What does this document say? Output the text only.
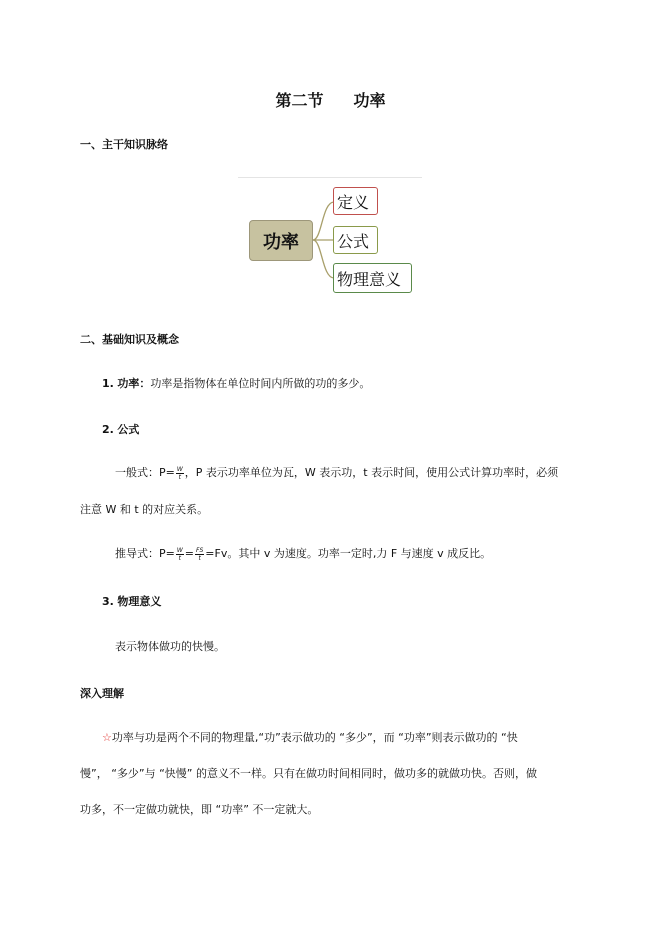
第二节 功率
一、主干知识脉络
功率
定义
公式
物理意义
二、基础知识及概念
1. 功率：功率是指物体在单位时间内所做的功的多少。
2. 公式
一般式：$P= \frac{W}{t}$ ，P 表示功率单位为瓦，W 表示功，t 表示时间，使用公式计算功率时，必须
注意 W 和 t 的对应关系。
推导式：$P= \frac{W}{t} = \frac{FS}{t} =Fv$。其中 v 为速度。功率一定时,力 F 与速度 v 成反比。
3. 物理意义
表示物体做功的快慢。
深入理解
☆功率与功是两个不同的物理量,“功”表示做功的 “多少”，而 “功率”则表示做功的 “快
慢”， “多少”与 “快慢” 的意义不一样。只有在做功时间相同时，做功多的就做功快。否则，做
功多，不一定做功就快，即 “功率” 不一定就大。
